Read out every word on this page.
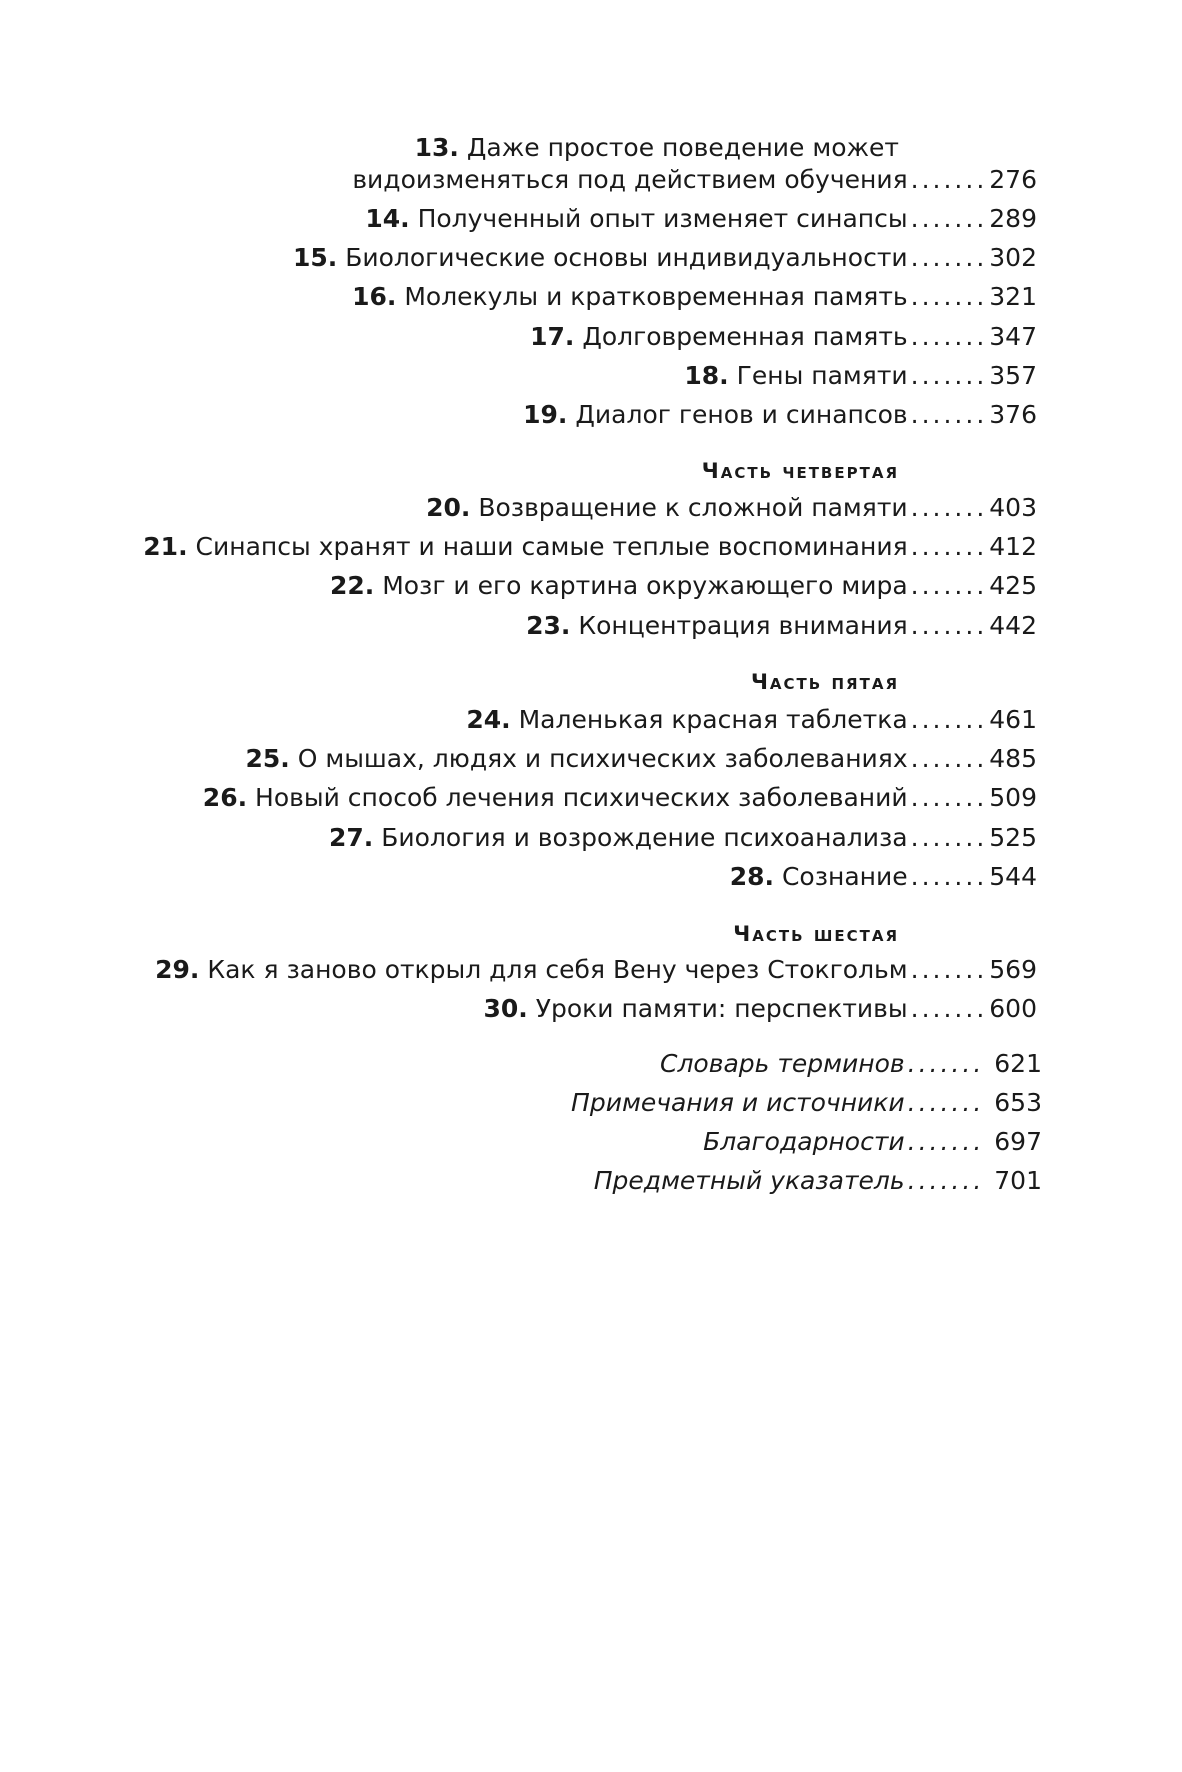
13. Даже простое поведение может
видоизменяться под действием обучения .......276
14. Полученный опыт изменяет синапсы .......289
15. Биологические основы индивидуальности .......302
16. Молекулы и кратковременная память .......321
17. Долговременная память .......347
18. Гены памяти .......357
19. Диалог генов и синапсов .......376
Часть четвертая
20. Возвращение к сложной памяти .......403
21. Синапсы хранят и наши самые теплые воспоминания .......412
22. Мозг и его картина окружающего мира .......425
23. Концентрация внимания .......442
Часть пятая
24. Маленькая красная таблетка .......461
25. О мышах, людях и психических заболеваниях .......485
26. Новый способ лечения психических заболеваний .......509
27. Биология и возрождение психоанализа .......525
28. Сознание .......544
Часть шестая
29. Как я заново открыл для себя Вену через Стокгольм .......569
30. Уроки памяти: перспективы .......600
Словарь терминов ....... 621
Примечания и источники ....... 653
Благодарности ....... 697
Предметный указатель ....... 701
